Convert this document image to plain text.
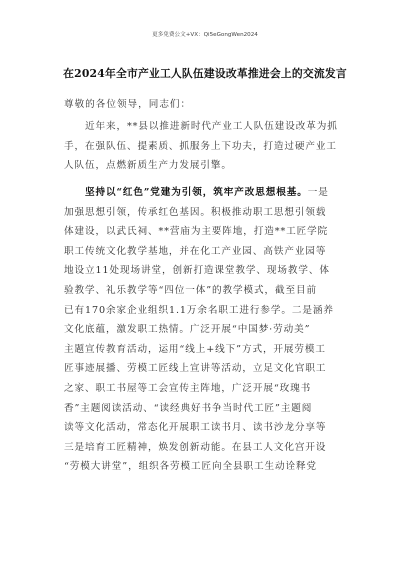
更多免费公文+VX：Qi5eGongWen2024
在2024年全市产业工人队伍建设改革推进会上的交流发言
尊敬的各位领导，同志们：
　　近年来，**县以推进新时代产业工人队伍建设改革为抓
手，在强队伍、提素质、抓服务上下功夫，打造过硬产业工
人队伍，点燃新质生产力发展引擎。
　　坚持以“红色”党建为引领，筑牢产改思想根基。一是
加强思想引领，传承红色基因。积极推动职工思想引领载
体建设，以武氏祠、**营庙为主要阵地，打造**工匠学院
职工传统文化教学基地，并在化工产业园、高铁产业园等
地设立11处现场讲堂，创新打造课堂教学、现场教学、体
验教学、礼乐教学等“四位一体”的教学模式，截至目前
已有170余家企业组织1.1万余名职工进行参学。二是涵养
文化底蕴，激发职工热情。广泛开展“中国梦·劳动美”
主题宣传教育活动，运用“线上+线下”方式，开展劳模工
匠事迹展播、劳模工匠线上宣讲等活动，立足文化官职工
之家、职工书屋等工会宣传主阵地，广泛开展“玫瑰书
香”主题阅读活动、“读经典好书争当时代工匠”主题阅
读等文化活动，常态化开展职工读书月、读书沙龙分享等
三是培育工匠精神，焕发创新动能。在县工人文化宫开设
“劳模大讲堂”，组织各劳模工匠向全县职工生动诠释党
